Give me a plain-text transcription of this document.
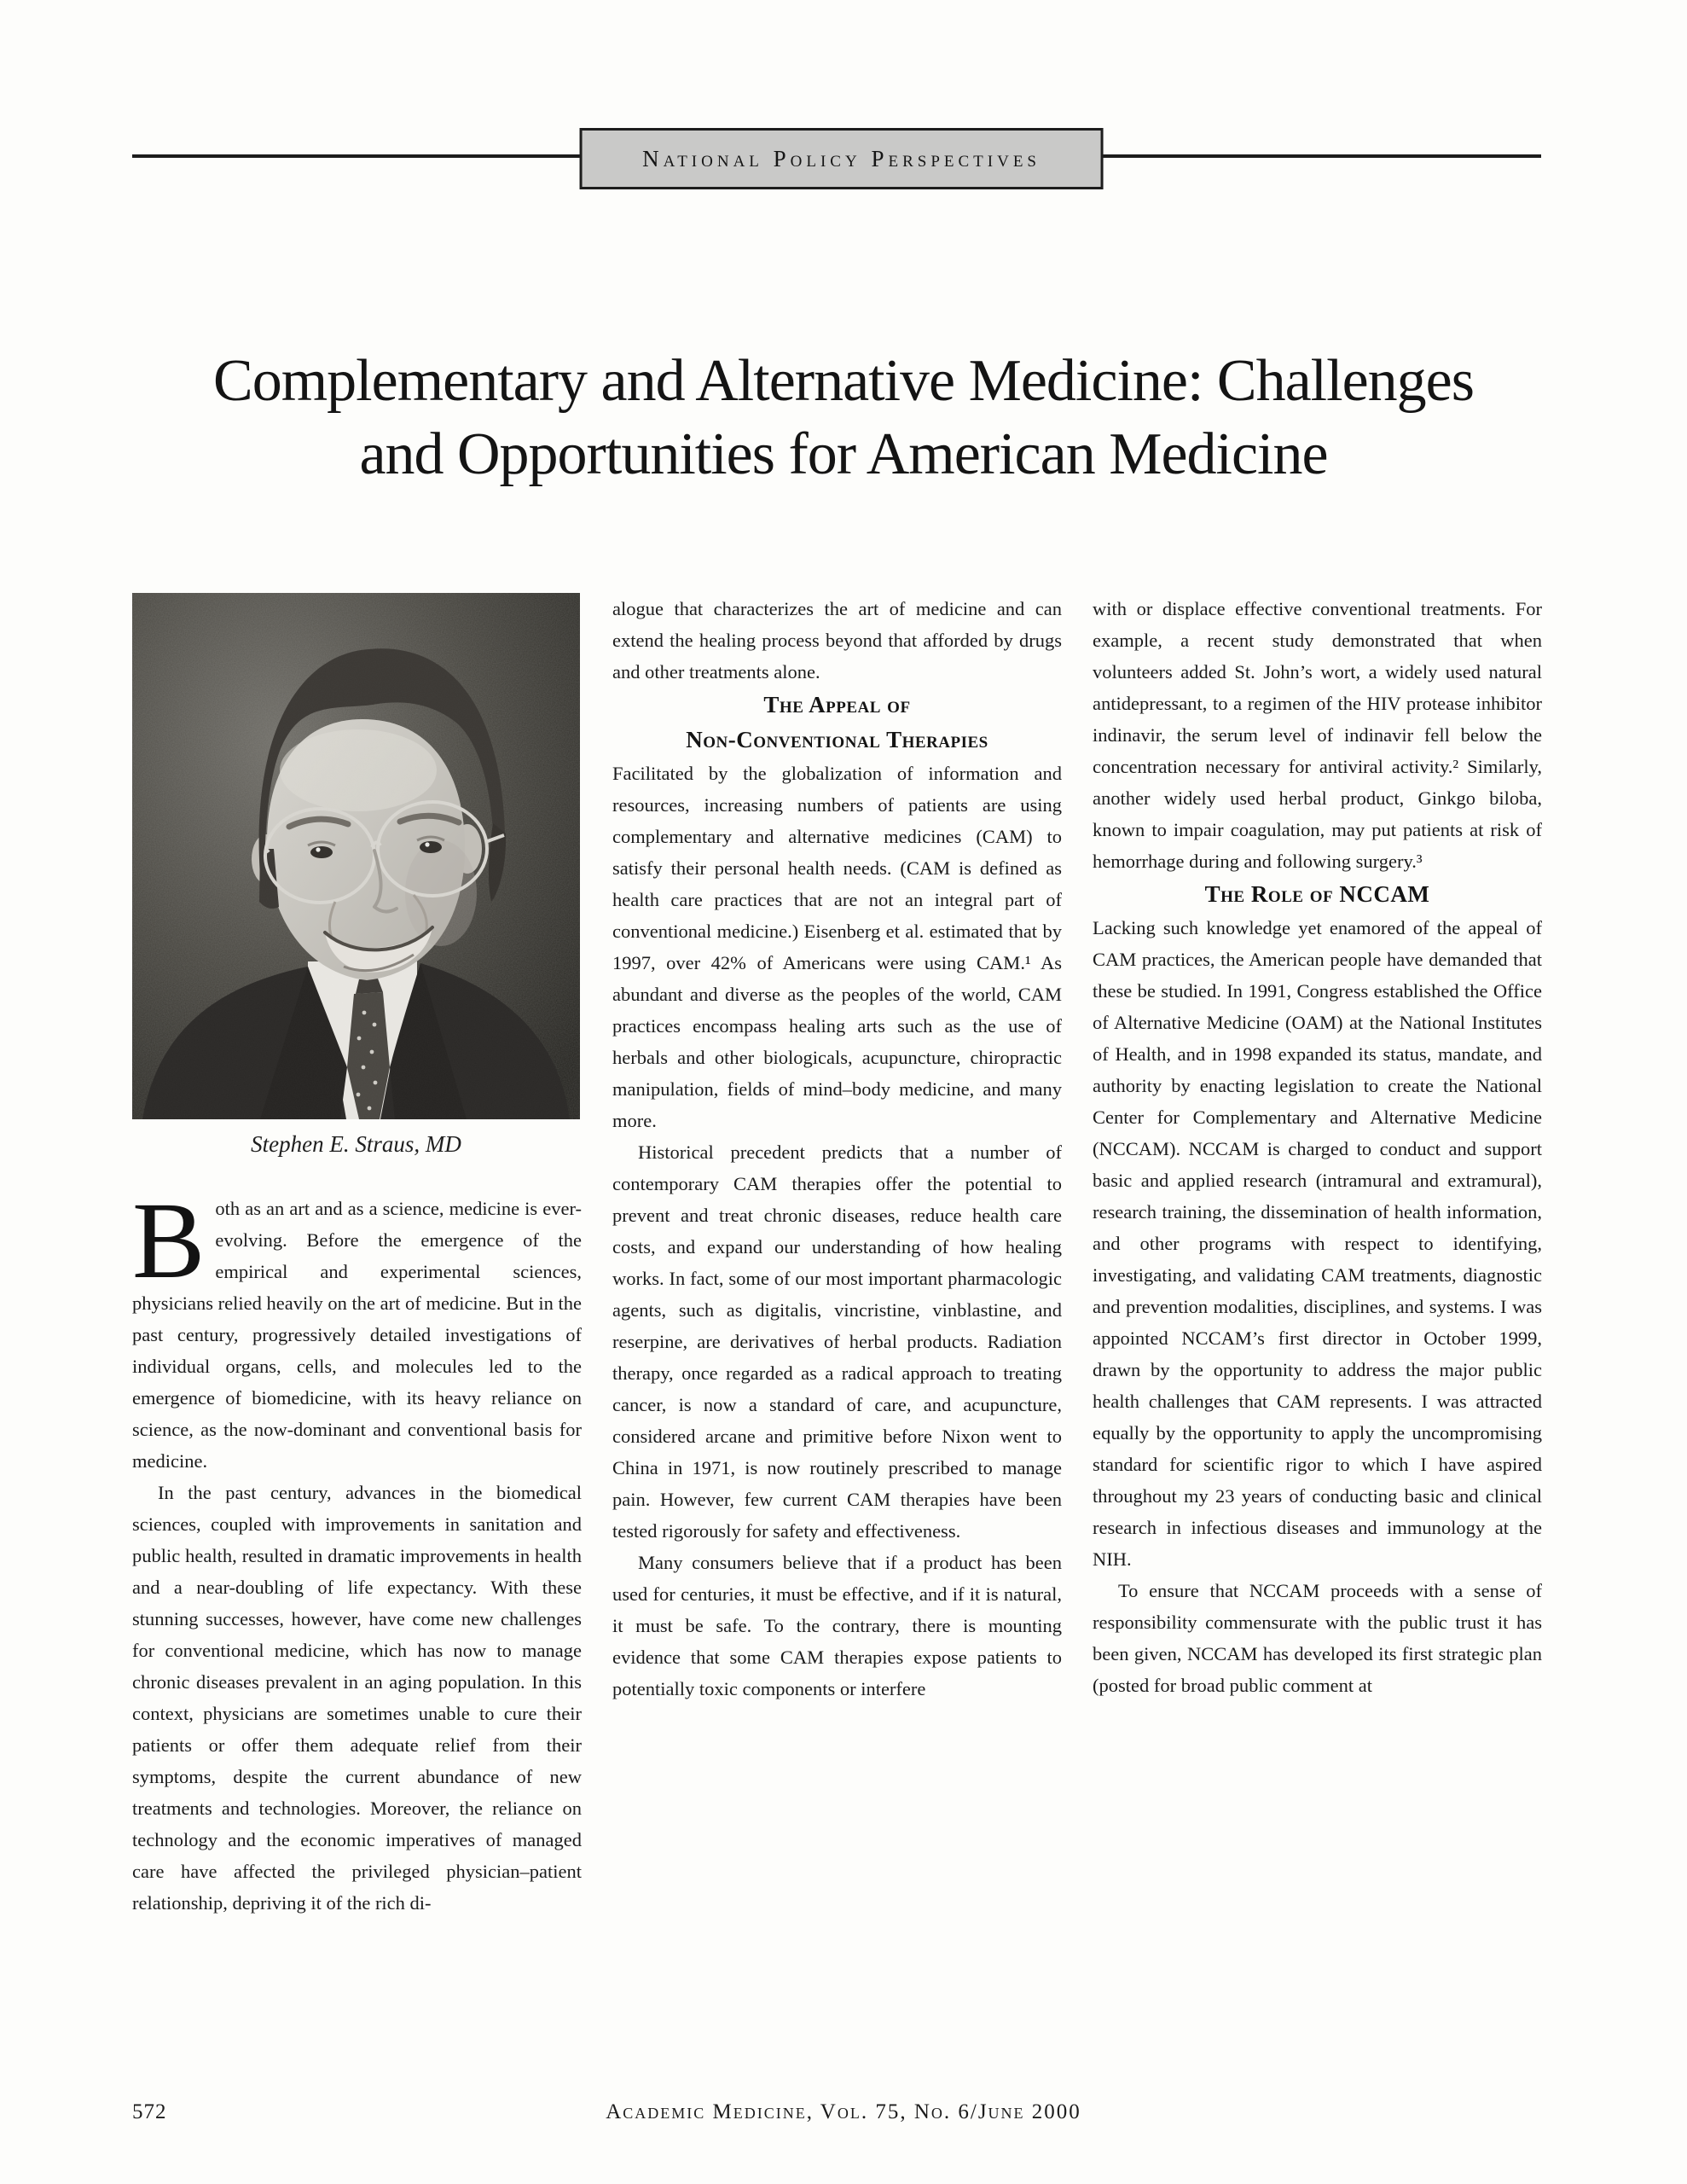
National Policy Perspectives
Complementary and Alternative Medicine: Challenges
and Opportunities for American Medicine
Stephen E. Straus, MD

Both as an art and as a science, medicine is ever-evolving. Before the emergence of the empirical and experimental sciences, physicians relied heavily on the art of medicine. But in the past century, progressively detailed investigations of individual organs, cells, and molecules led to the emergence of biomedicine, with its heavy reliance on science, as the now-dominant and conventional basis for medicine.

In the past century, advances in the biomedical sciences, coupled with improvements in sanitation and public health, resulted in dramatic improvements in health and a near-doubling of life expectancy. With these stunning successes, however, have come new challenges for conventional medicine, which has now to manage chronic diseases prevalent in an aging population. In this context, physicians are sometimes unable to cure their patients or offer them adequate relief from their symptoms, despite the current abundance of new treatments and technologies. Moreover, the reliance on technology and the economic imperatives of managed care have affected the privileged physician–patient relationship, depriving it of the rich di-

alogue that characterizes the art of medicine and can extend the healing process beyond that afforded by drugs and other treatments alone.

The Appeal of
Non-Conventional Therapies

Facilitated by the globalization of information and resources, increasing numbers of patients are using complementary and alternative medicines (CAM) to satisfy their personal health needs. (CAM is defined as health care practices that are not an integral part of conventional medicine.) Eisenberg et al. estimated that by 1997, over 42% of Americans were using CAM.¹ As abundant and diverse as the peoples of the world, CAM practices encompass healing arts such as the use of herbals and other biologicals, acupuncture, chiropractic manipulation, fields of mind–body medicine, and many more.

Historical precedent predicts that a number of contemporary CAM therapies offer the potential to prevent and treat chronic diseases, reduce health care costs, and expand our understanding of how healing works. In fact, some of our most important pharmacologic agents, such as digitalis, vincristine, vinblastine, and reserpine, are derivatives of herbal products. Radiation therapy, once regarded as a radical approach to treating cancer, is now a standard of care, and acupuncture, considered arcane and primitive before Nixon went to China in 1971, is now routinely prescribed to manage pain. However, few current CAM therapies have been tested rigorously for safety and effectiveness.

Many consumers believe that if a product has been used for centuries, it must be effective, and if it is natural, it must be safe. To the contrary, there is mounting evidence that some CAM therapies expose patients to potentially toxic components or interfere

with or displace effective conventional treatments. For example, a recent study demonstrated that when volunteers added St. John’s wort, a widely used natural antidepressant, to a regimen of the HIV protease inhibitor indinavir, the serum level of indinavir fell below the concentration necessary for antiviral activity.² Similarly, another widely used herbal product, Ginkgo biloba, known to impair coagulation, may put patients at risk of hemorrhage during and following surgery.³

The Role of NCCAM

Lacking such knowledge yet enamored of the appeal of CAM practices, the American people have demanded that these be studied. In 1991, Congress established the Office of Alternative Medicine (OAM) at the National Institutes of Health, and in 1998 expanded its status, mandate, and authority by enacting legislation to create the National Center for Complementary and Alternative Medicine (NCCAM). NCCAM is charged to conduct and support basic and applied research (intramural and extramural), research training, the dissemination of health information, and other programs with respect to identifying, investigating, and validating CAM treatments, diagnostic and prevention modalities, disciplines, and systems. I was appointed NCCAM’s first director in October 1999, drawn by the opportunity to address the major public health challenges that CAM represents. I was attracted equally by the opportunity to apply the uncompromising standard for scientific rigor to which I have aspired throughout my 23 years of conducting basic and clinical research in infectious diseases and immunology at the NIH.

To ensure that NCCAM proceeds with a sense of responsibility commensurate with the public trust it has been given, NCCAM has developed its first strategic plan (posted for broad public comment at

572	Academic Medicine, Vol. 75, No. 6/June 2000
